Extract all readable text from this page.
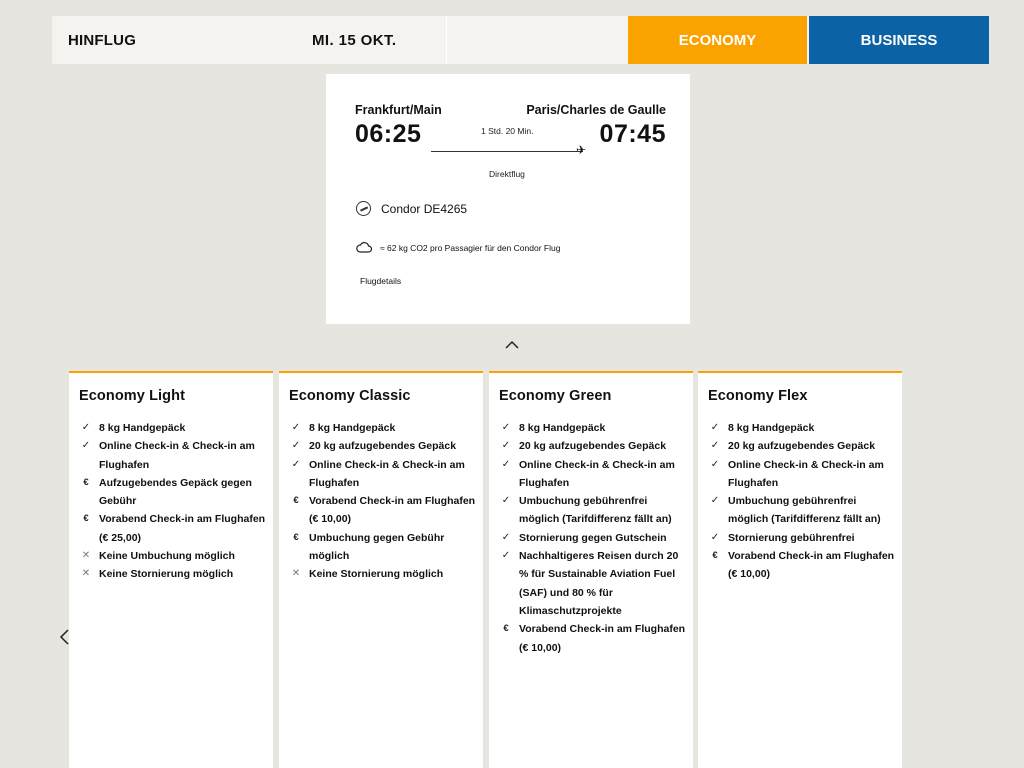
HINFLUG	MI. 15 OKT.	ECONOMY	BUSINESS
Frankfurt/Main	Paris/Charles de Gaulle
06:25	07:45
1 Std. 20 Min.
✈
Direktflug
Condor DE4265
≈ 62 kg CO2 pro Passagier für den Condor Flug
Flugdetails
Economy Light
✓ 8 kg Handgepäck
✓ Online Check-in & Check-in am Flughafen
€ Aufzugebendes Gepäck gegen Gebühr
€ Vorabend Check-in am Flughafen (€ 25,00)
✕ Keine Umbuchung möglich
✕ Keine Stornierung möglich
Economy Classic
✓ 8 kg Handgepäck
✓ 20 kg aufzugebendes Gepäck
✓ Online Check-in & Check-in am Flughafen
€ Vorabend Check-in am Flughafen (€ 10,00)
€ Umbuchung gegen Gebühr möglich
✕ Keine Stornierung möglich
Economy Green
✓ 8 kg Handgepäck
✓ 20 kg aufzugebendes Gepäck
✓ Online Check-in & Check-in am Flughafen
✓ Umbuchung gebührenfrei möglich (Tarifdifferenz fällt an)
✓ Stornierung gegen Gutschein
✓ Nachhaltigeres Reisen durch 20 % für Sustainable Aviation Fuel (SAF) und 80 % für Klimaschutzprojekte
€ Vorabend Check-in am Flughafen (€ 10,00)
Economy Flex
✓ 8 kg Handgepäck
✓ 20 kg aufzugebendes Gepäck
✓ Online Check-in & Check-in am Flughafen
✓ Umbuchung gebührenfrei möglich (Tarifdifferenz fällt an)
✓ Stornierung gebührenfrei
€ Vorabend Check-in am Flughafen (€ 10,00)
